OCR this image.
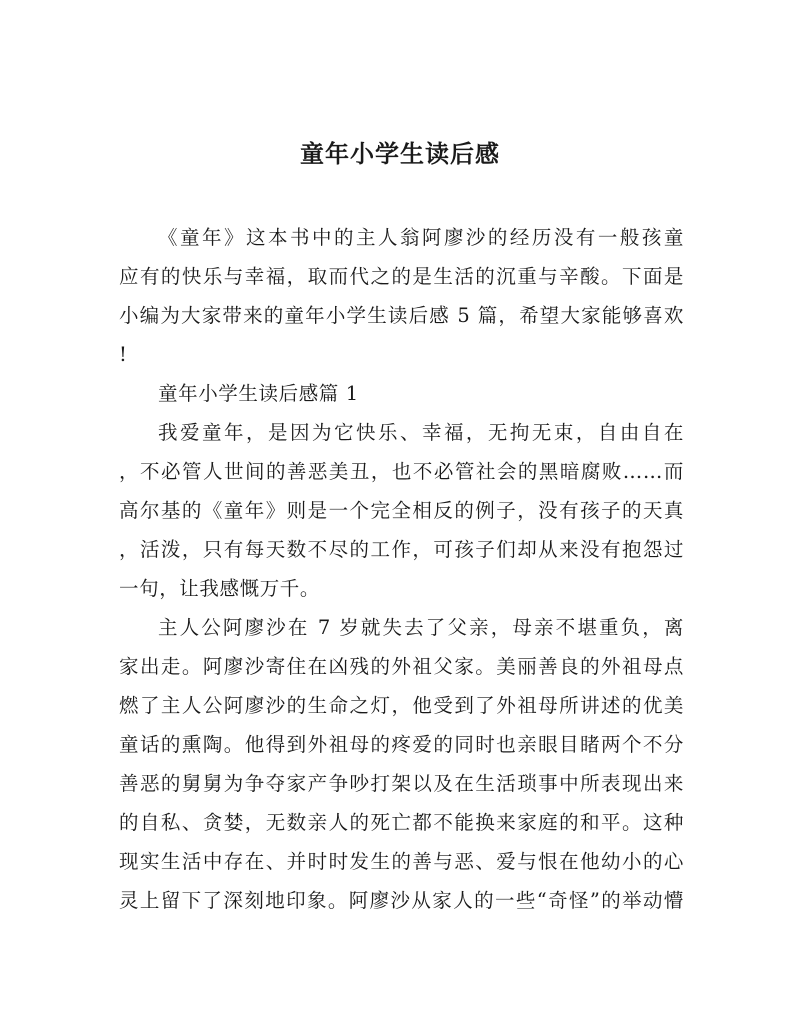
童年小学生读后感
《童年》这本书中的主人翁阿廖沙的经历没有一般孩童
应有的快乐与幸福，取而代之的是生活的沉重与辛酸。下面是
小编为大家带来的童年小学生读后感 5 篇，希望大家能够喜欢
!
童年小学生读后感篇 1
我爱童年，是因为它快乐、幸福，无拘无束，自由自在
，不必管人世间的善恶美丑，也不必管社会的黑暗腐败……而
高尔基的《童年》则是一个完全相反的例子，没有孩子的天真
，活泼，只有每天数不尽的工作，可孩子们却从来没有抱怨过
一句，让我感慨万千。
主人公阿廖沙在 7 岁就失去了父亲，母亲不堪重负，离
家出走。阿廖沙寄住在凶残的外祖父家。美丽善良的外祖母点
燃了主人公阿廖沙的生命之灯，他受到了外祖母所讲述的优美
童话的熏陶。他得到外祖母的疼爱的同时也亲眼目睹两个不分
善恶的舅舅为争夺家产争吵打架以及在生活琐事中所表现出来
的自私、贪婪，无数亲人的死亡都不能换来家庭的和平。这种
现实生活中存在、并时时发生的善与恶、爱与恨在他幼小的心
灵上留下了深刻地印象。阿廖沙从家人的一些“奇怪”的举动懵
